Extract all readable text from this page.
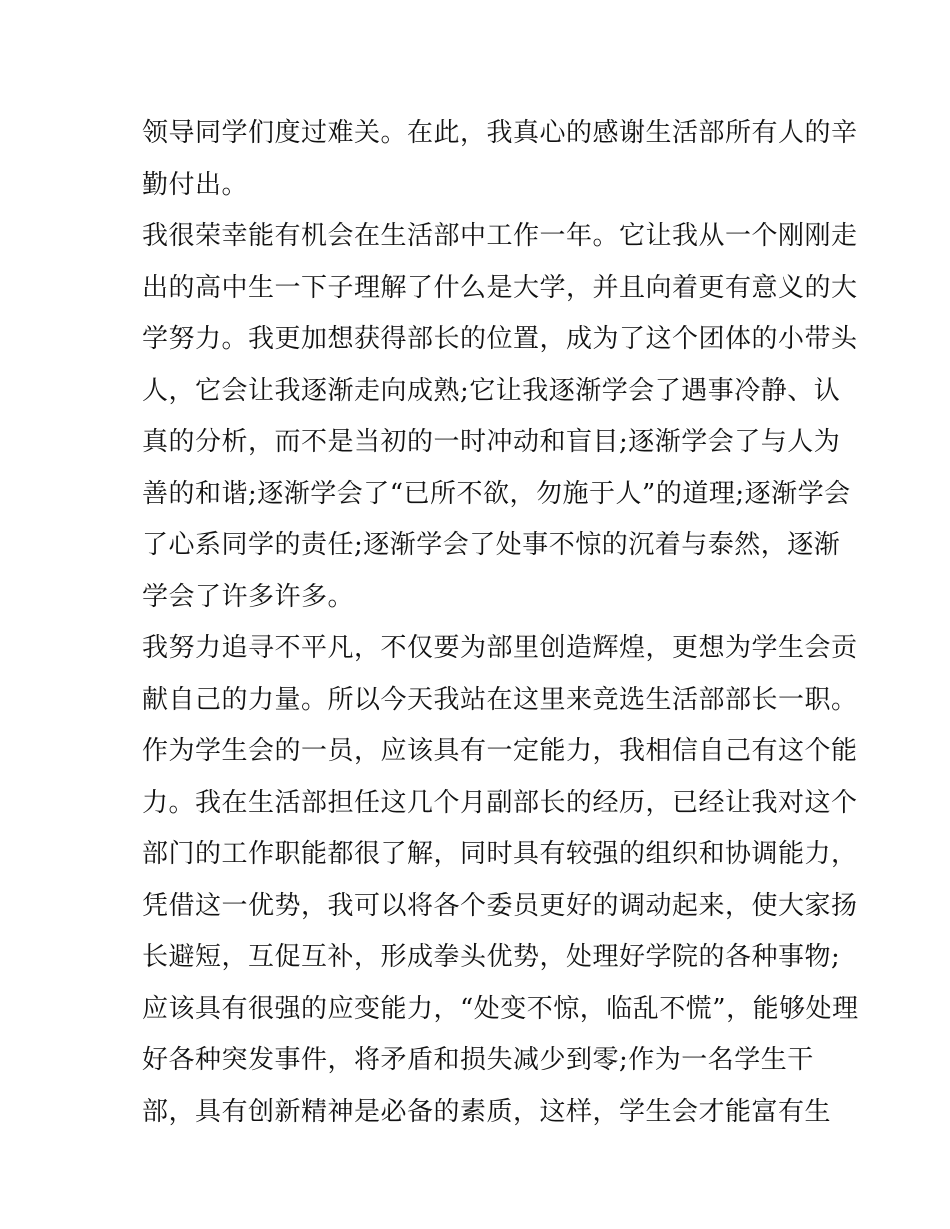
领导同学们度过难关。在此，我真心的感谢生活部所有人的辛
勤付出。
我很荣幸能有机会在生活部中工作一年。它让我从一个刚刚走
出的高中生一下子理解了什么是大学，并且向着更有意义的大
学努力。我更加想获得部长的位置，成为了这个团体的小带头
人，它会让我逐渐走向成熟;它让我逐渐学会了遇事冷静、认
真的分析，而不是当初的一时冲动和盲目;逐渐学会了与人为
善的和谐;逐渐学会了“已所不欲，勿施于人”的道理;逐渐学会
了心系同学的责任;逐渐学会了处事不惊的沉着与泰然，逐渐
学会了许多许多。
我努力追寻不平凡，不仅要为部里创造辉煌，更想为学生会贡
献自己的力量。所以今天我站在这里来竞选生活部部长一职。
作为学生会的一员，应该具有一定能力，我相信自己有这个能
力。我在生活部担任这几个月副部长的经历，已经让我对这个
部门的工作职能都很了解，同时具有较强的组织和协调能力，
凭借这一优势，我可以将各个委员更好的调动起来，使大家扬
长避短，互促互补，形成拳头优势，处理好学院的各种事物;
应该具有很强的应变能力，“处变不惊，临乱不慌”，能够处理
好各种突发事件，将矛盾和损失减少到零;作为一名学生干
部，具有创新精神是必备的素质，这样，学生会才能富有生
